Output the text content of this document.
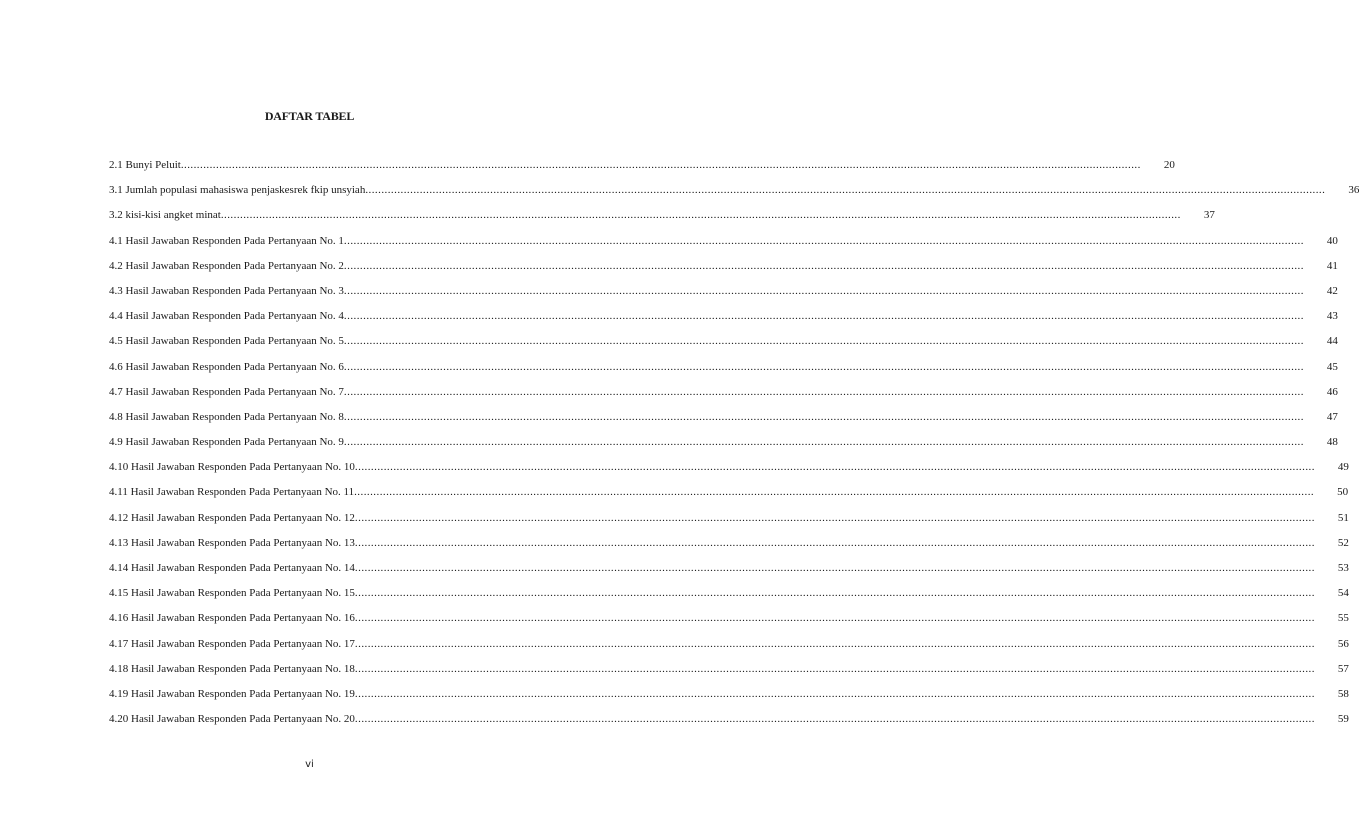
DAFTAR TABEL
2.1 Bunyi Peluit ............................................................................................................................................................................................................................................................................................................	20
3.1 Jumlah populasi mahasiswa penjaskesrek fkip unsyiah ............................................................................................................................................................................................................................................................................................................	36
3.2 kisi-kisi angket minat ............................................................................................................................................................................................................................................................................................................	37
4.1 Hasil Jawaban Responden Pada Pertanyaan No. 1 ............................................................................................................................................................................................................................................................................................................	40
4.2 Hasil Jawaban Responden Pada Pertanyaan No. 2 ............................................................................................................................................................................................................................................................................................................	41
4.3 Hasil Jawaban Responden Pada Pertanyaan No. 3 ............................................................................................................................................................................................................................................................................................................	42
4.4 Hasil Jawaban Responden Pada Pertanyaan No. 4 ............................................................................................................................................................................................................................................................................................................	43
4.5 Hasil Jawaban Responden Pada Pertanyaan No. 5 ............................................................................................................................................................................................................................................................................................................	44
4.6 Hasil Jawaban Responden Pada Pertanyaan No. 6 ............................................................................................................................................................................................................................................................................................................	45
4.7 Hasil Jawaban Responden Pada Pertanyaan No. 7 ............................................................................................................................................................................................................................................................................................................	46
4.8 Hasil Jawaban Responden Pada Pertanyaan No. 8 ............................................................................................................................................................................................................................................................................................................	47
4.9 Hasil Jawaban Responden Pada Pertanyaan No. 9 ............................................................................................................................................................................................................................................................................................................	48
4.10 Hasil Jawaban Responden Pada Pertanyaan No. 10 ............................................................................................................................................................................................................................................................................................................	49
4.11 Hasil Jawaban Responden Pada Pertanyaan No. 11 ............................................................................................................................................................................................................................................................................................................	50
4.12 Hasil Jawaban Responden Pada Pertanyaan No. 12 ............................................................................................................................................................................................................................................................................................................	51
4.13 Hasil Jawaban Responden Pada Pertanyaan No. 13 ............................................................................................................................................................................................................................................................................................................	52
4.14 Hasil Jawaban Responden Pada Pertanyaan No. 14 ............................................................................................................................................................................................................................................................................................................	53
4.15 Hasil Jawaban Responden Pada Pertanyaan No. 15 ............................................................................................................................................................................................................................................................................................................	54
4.16 Hasil Jawaban Responden Pada Pertanyaan No. 16 ............................................................................................................................................................................................................................................................................................................	55
4.17 Hasil Jawaban Responden Pada Pertanyaan No. 17 ............................................................................................................................................................................................................................................................................................................	56
4.18 Hasil Jawaban Responden Pada Pertanyaan No. 18 ............................................................................................................................................................................................................................................................................................................	57
4.19 Hasil Jawaban Responden Pada Pertanyaan No. 19 ............................................................................................................................................................................................................................................................................................................	58
4.20 Hasil Jawaban Responden Pada Pertanyaan No. 20 ............................................................................................................................................................................................................................................................................................................	59
vi
